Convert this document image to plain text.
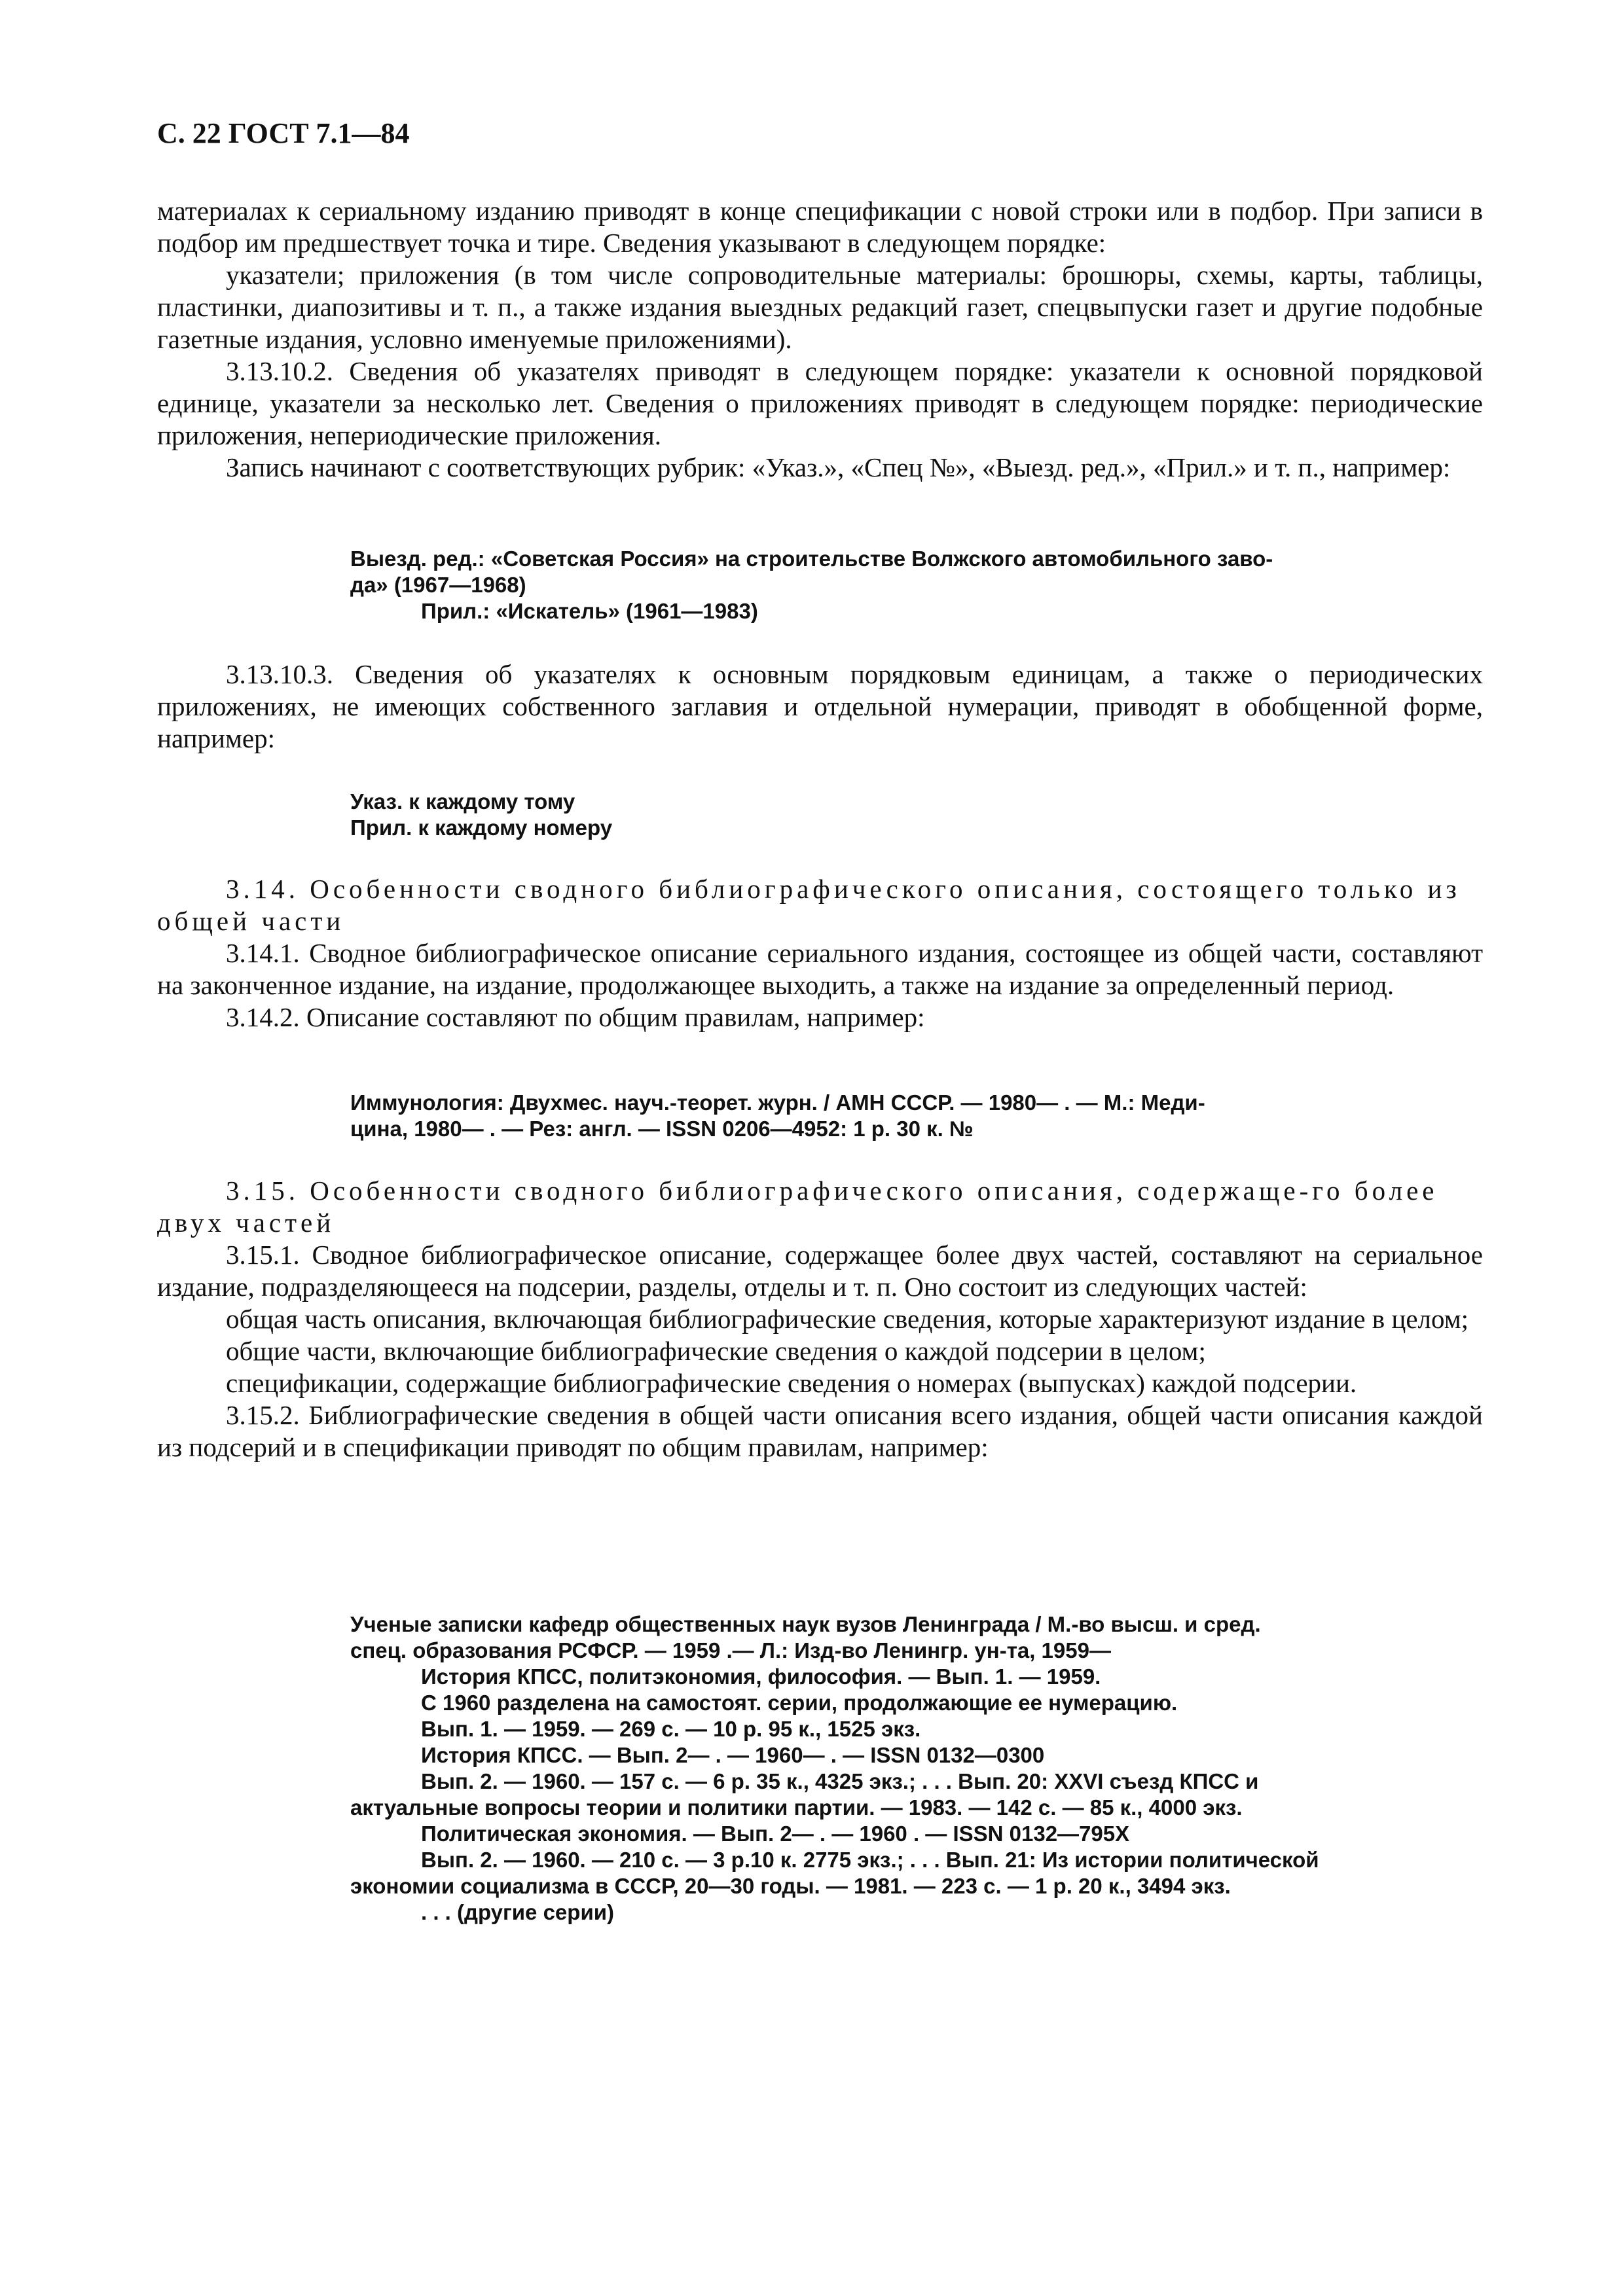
С. 22 ГОСТ 7.1—84

материалах к сериальному изданию приводят в конце спецификации с новой строки или в подбор. При записи в подбор им предшествует точка и тире. Сведения указывают в следующем порядке:

указатели; приложения (в том числе сопроводительные материалы: брошюры, схемы, карты, таблицы, пластинки, диапозитивы и т. п., а также издания выездных редакций газет, спецвыпуски газет и другие подобные газетные издания, условно именуемые приложениями).

3.13.10.2. Сведения об указателях приводят в следующем порядке: указатели к основной порядковой единице, указатели за несколько лет. Сведения о приложениях приводят в следующем порядке: периодические приложения, непериодические приложения.

Запись начинают с соответствующих рубрик: «Указ.», «Спец №», «Выезд. ред.», «Прил.» и т. п., например:

Выезд. ред.: «Советская Россия» на строительстве Волжского автомобильного заво-

да» (1967—1968)

Прил.: «Искатель» (1961—1983)

3.13.10.3. Сведения об указателях к основным порядковым единицам, а также о периодических приложениях, не имеющих собственного заглавия и отдельной нумерации, приводят в обобщенной форме, например:

Указ. к каждому тому

Прил. к каждому номеру

3.14. Особенности сводного библиографического описания, состоящего только из общей части

3.14.1. Сводное библиографическое описание сериального издания, состоящее из общей части, составляют на законченное издание, на издание, продолжающее выходить, а также на издание за определенный период.

3.14.2. Описание составляют по общим правилам, например:

Иммунология: Двухмес. науч.-теорет. журн. / АМН СССР. — 1980— . — М.: Меди-

цина, 1980— . — Рез: англ. — ISSN 0206—4952: 1 р. 30 к. №

3.15. Особенности сводного библиографического описания, содержаще-го более двух частей

3.15.1. Сводное библиографическое описание, содержащее более двух частей, составляют на сериальное издание, подразделяющееся на подсерии, разделы, отделы и т. п. Оно состоит из следующих частей:

общая часть описания, включающая библиографические сведения, которые характеризуют издание в целом;

общие части, включающие библиографические сведения о каждой подсерии в целом;

спецификации, содержащие библиографические сведения о номерах (выпусках) каждой подсерии.

3.15.2. Библиографические сведения в общей части описания всего издания, общей части описания каждой из подсерий и в спецификации приводят по общим правилам, например:

Ученые записки кафедр общественных наук вузов Ленинграда / М.-во высш. и сред.

спец. образования РСФСР. — 1959 .— Л.: Изд-во Ленингр. ун-та, 1959—

История КПСС, политэкономия, философия. — Вып. 1. — 1959.

С 1960 разделена на самостоят. серии, продолжающие ее нумерацию.

Вып. 1. — 1959. — 269 с. — 10 р. 95 к., 1525 экз.

История КПСС. — Вып. 2— . — 1960— . — ISSN 0132—0300

Вып. 2. — 1960. — 157 с. — 6 р. 35 к., 4325 экз.; . . . Вып. 20: XXVI съезд КПСС и

актуальные вопросы теории и политики партии. — 1983. — 142 с. — 85 к., 4000 экз.

Политическая экономия. — Вып. 2— . — 1960 . — ISSN 0132—795Х

Вып. 2. — 1960. — 210 с. — 3 р.10 к. 2775 экз.; . . . Вып. 21: Из истории политической

экономии социализма в СССР, 20—30 годы. — 1981. — 223 с. — 1 р. 20 к., 3494 экз.

. . . (другие серии)
